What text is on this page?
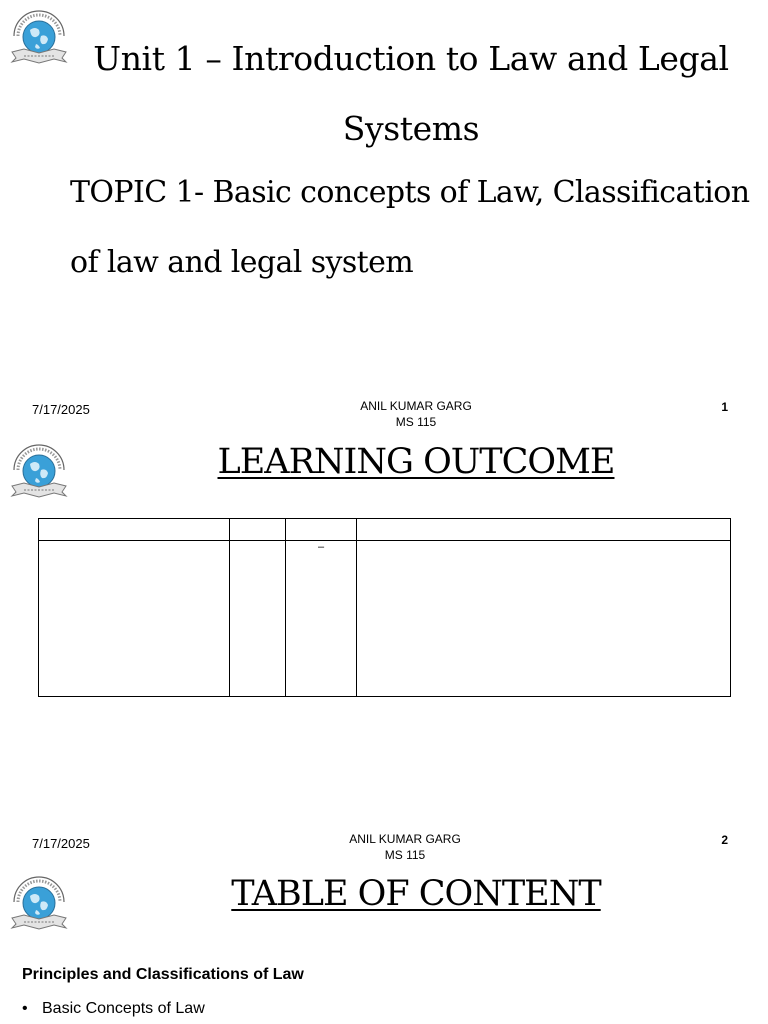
Unit 1 – Introduction to Law and Legal Systems
TOPIC 1- Basic concepts of Law, Classification of law and legal system
7/17/2025	ANIL KUMAR GARG
MS 115
1
LEARNING OUTCOME

		–	
7/17/2025	ANIL KUMAR GARG
MS 115
2
TABLE OF CONTENT
Principles and Classifications of Law
• Basic Concepts of Law
